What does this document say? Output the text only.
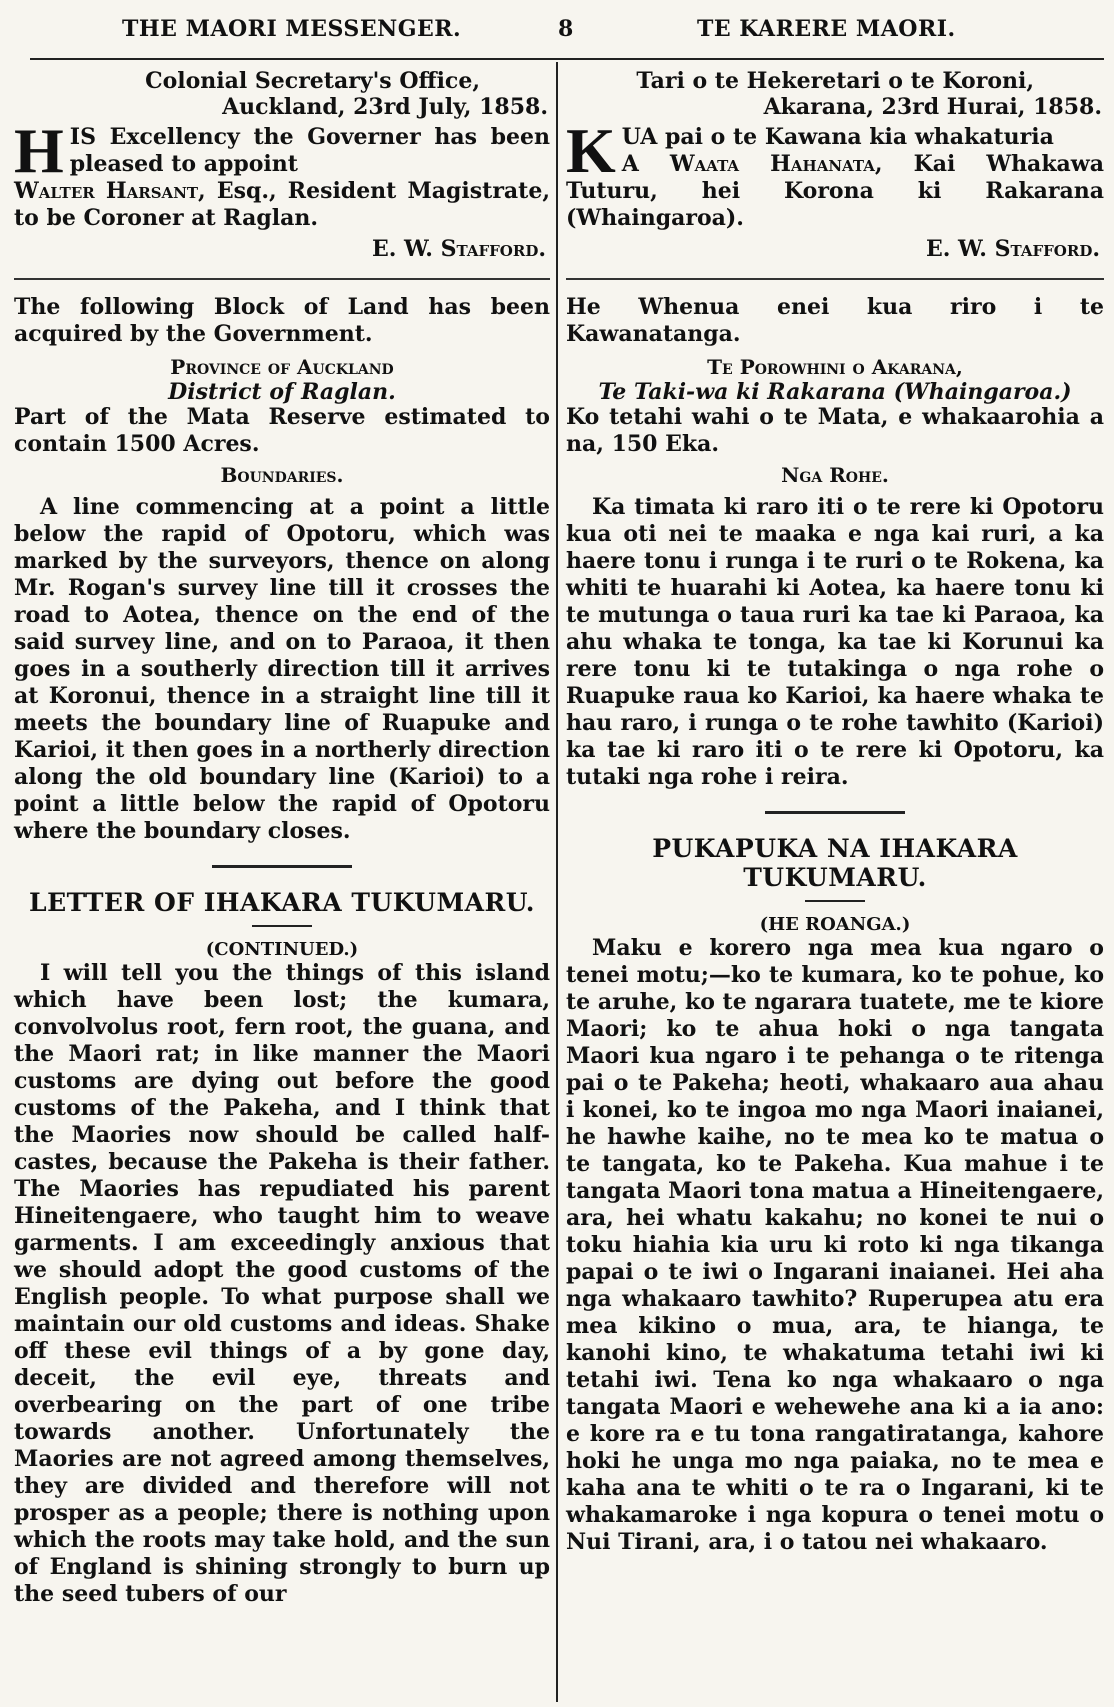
THE MAORI MESSENGER.	8	TE KARERE MAORI.

Colonial Secretary's Office,

Auckland, 23rd July, 1858.

HIS Excellency the Governer has been pleased to appoint
Walter Harsant, Esq., Resident Magistrate, to be Coroner at Raglan.

E. W. Stafford.

The following Block of Land has been acquired by the Government.

Province of Auckland

District of Raglan.

Part of the Mata Reserve estimated to contain 1500 Acres.

Boundaries.

A line commencing at a point a little below the rapid of Opotoru, which was marked by the surveyors, thence on along Mr. Rogan's survey line till it crosses the road to Aotea, thence on the end of the said survey line, and on to Paraoa, it then goes in a southerly direction till it arrives at Koronui, thence in a straight line till it meets the boundary line of Ruapuke and Karioi, it then goes in a northerly direction along the old boundary line (Karioi) to a point a little below the rapid of Opotoru where the boundary closes.

LETTER OF IHAKARA TUKUMARU.

(CONTINUED.)

I will tell you the things of this island which have been lost; the kumara, convolvolus root, fern root, the guana, and the Maori rat; in like manner the Maori customs are dying out before the good customs of the Pakeha, and I think that the Maories now should be called half-castes, because the Pakeha is their father. The Maories has repudiated his parent Hineitengaere, who taught him to weave garments. I am exceedingly anxious that we should adopt the good customs of the English people. To what purpose shall we maintain our old customs and ideas. Shake off these evil things of a by gone day, deceit, the evil eye, threats and overbearing on the part of one tribe towards another. Unfortunately the Maories are not agreed among themselves, they are divided and therefore will not prosper as a people; there is nothing upon which the roots may take hold, and the sun of England is shining strongly to burn up the seed tubers of our

Tari o te Hekeretari o te Koroni,

Akarana, 23rd Hurai, 1858.

KUA pai o te Kawana kia whakaturia
A Waata Hahanata, Kai Whakawa Tuturu, hei Korona ki Rakarana (Whaingaroa).

E. W. Stafford.

He Whenua enei kua riro i te Kawanatanga.

Te Porowhini o Akarana,

Te Taki-wa ki Rakarana (Whaingaroa.)

Ko tetahi wahi o te Mata, e whakaarohia a na, 150 Eka.

Nga Rohe.

Ka timata ki raro iti o te rere ki Opotoru kua oti nei te maaka e nga kai ruri, a ka haere tonu i runga i te ruri o te Rokena, ka whiti te huarahi ki Aotea, ka haere tonu ki te mutunga o taua ruri ka tae ki Paraoa, ka ahu whaka te tonga, ka tae ki Korunui ka rere tonu ki te tutakinga o nga rohe o Ruapuke raua ko Karioi, ka haere whaka te hau raro, i runga o te rohe tawhito (Karioi) ka tae ki raro iti o te rere ki Opotoru, ka tutaki nga rohe i reira.

PUKAPUKA NA IHAKARA TUKUMARU.

(HE ROANGA.)

Maku e korero nga mea kua ngaro o tenei motu;—ko te kumara, ko te pohue, ko te aruhe, ko te ngarara tuatete, me te kiore Maori; ko te ahua hoki o nga tangata Maori kua ngaro i te pehanga o te ritenga pai o te Pakeha; heoti, whakaaro aua ahau i konei, ko te ingoa mo nga Maori inaianei, he hawhe kaihe, no te mea ko te matua o te tangata, ko te Pakeha. Kua mahue i te tangata Maori tona matua a Hineitengaere, ara, hei whatu kakahu; no konei te nui o toku hiahia kia uru ki roto ki nga tikanga papai o te iwi o Ingarani inaianei. Hei aha nga whakaaro tawhito? Ruperupea atu era mea kikino o mua, ara, te hianga, te kanohi kino, te whakatuma tetahi iwi ki tetahi iwi. Tena ko nga whakaaro o nga tangata Maori e wehewehe ana ki a ia ano: e kore ra e tu tona rangatiratanga, kahore hoki he unga mo nga paiaka, no te mea e kaha ana te whiti o te ra o Ingarani, ki te whakamaroke i nga kopura o tenei motu o Nui Tirani, ara, i o tatou nei whakaaro.
